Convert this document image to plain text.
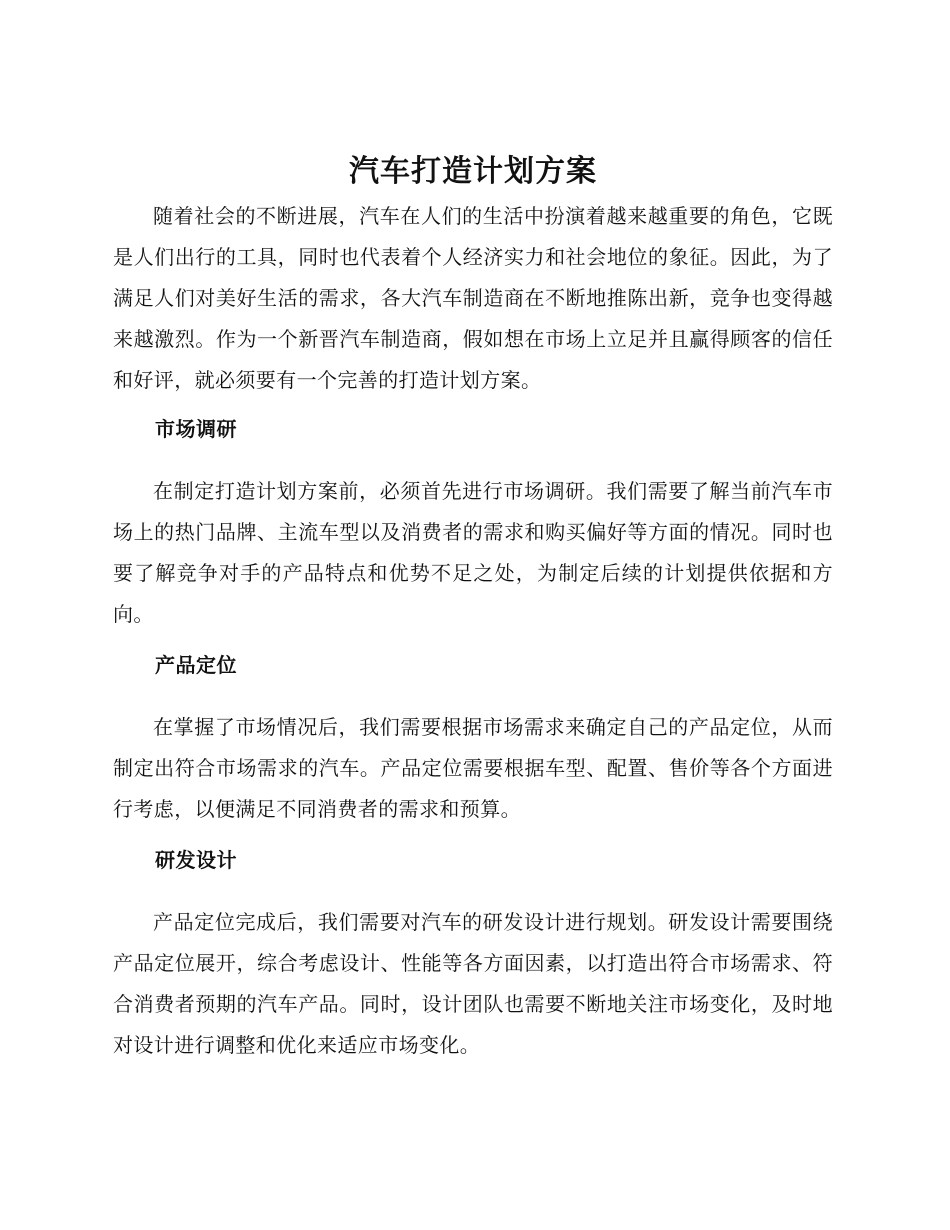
汽车打造计划方案

随着社会的不断进展，汽车在人们的生活中扮演着越来越重要的角色，它既是人们出行的工具，同时也代表着个人经济实力和社会地位的象征。因此，为了满足人们对美好生活的需求，各大汽车制造商在不断地推陈出新，竞争也变得越来越激烈。作为一个新晋汽车制造商，假如想在市场上立足并且赢得顾客的信任和好评，就必须要有一个完善的打造计划方案。

市场调研

在制定打造计划方案前，必须首先进行市场调研。我们需要了解当前汽车市场上的热门品牌、主流车型以及消费者的需求和购买偏好等方面的情况。同时也要了解竞争对手的产品特点和优势不足之处，为制定后续的计划提供依据和方向。

产品定位

在掌握了市场情况后，我们需要根据市场需求来确定自己的产品定位，从而制定出符合市场需求的汽车。产品定位需要根据车型、配置、售价等各个方面进行考虑，以便满足不同消费者的需求和预算。

研发设计

产品定位完成后，我们需要对汽车的研发设计进行规划。研发设计需要围绕产品定位展开，综合考虑设计、性能等各方面因素，以打造出符合市场需求、符合消费者预期的汽车产品。同时，设计团队也需要不断地关注市场变化，及时地对设计进行调整和优化来适应市场变化。
